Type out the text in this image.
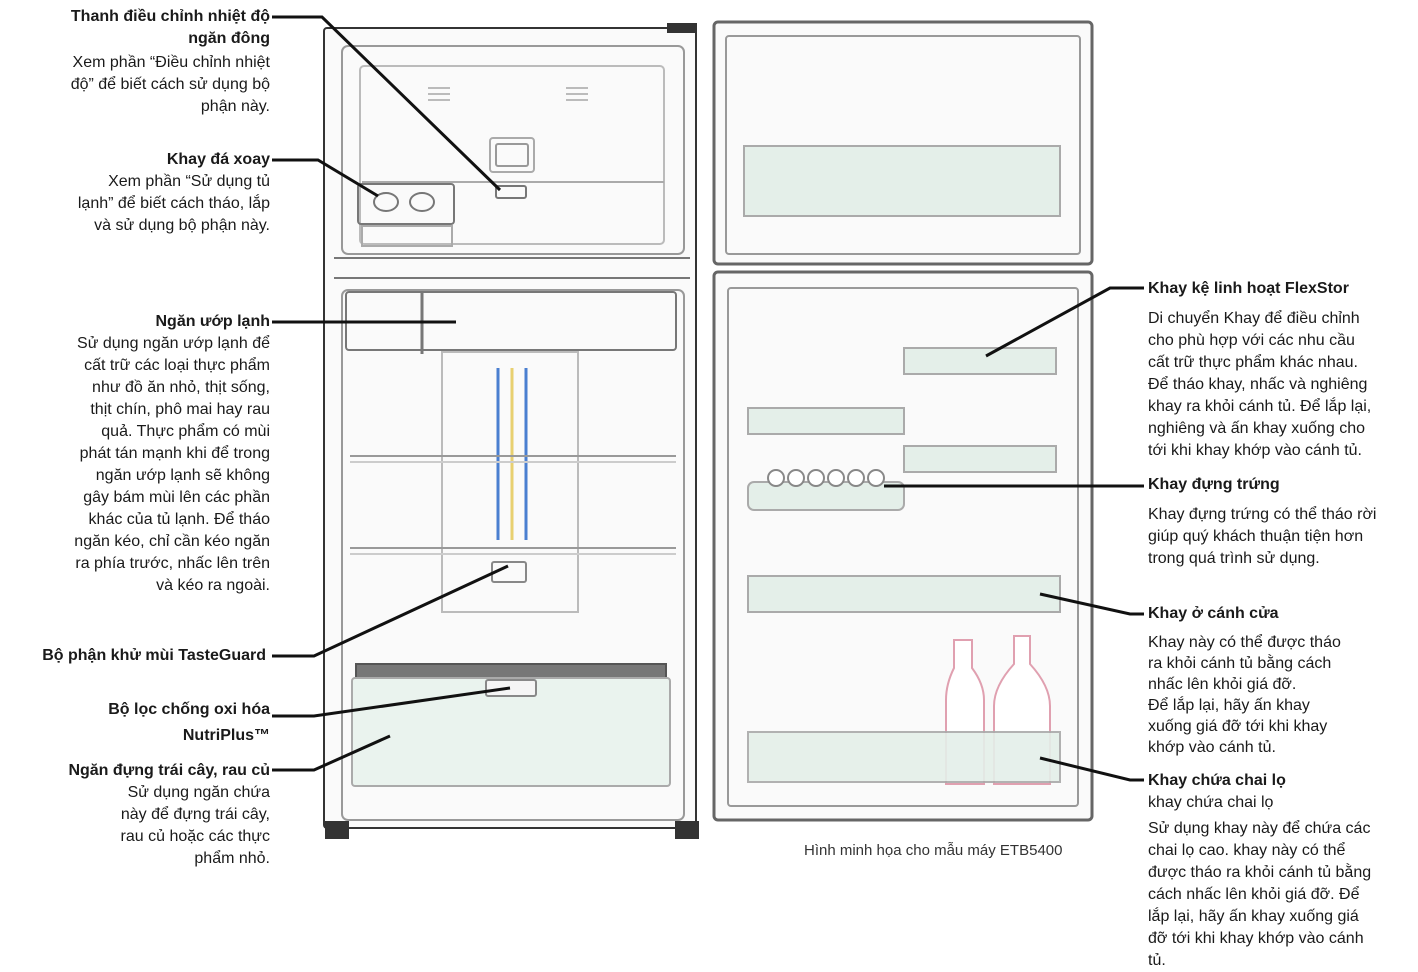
Thanh điều chỉnh nhiệt độ
ngăn đông
Xem phần “Điều chỉnh nhiệt
độ” để biết cách sử dụng bộ
phận này.
Khay đá xoay
Xem phần “Sử dụng tủ
lạnh” để biết cách tháo, lắp
và sử dụng bộ phận này.
Ngăn ướp lạnh
Sử dụng ngăn ướp lạnh để
cất trữ các loại thực phẩm
như đồ ăn nhỏ, thịt sống,
thịt chín, phô mai hay rau
quả. Thực phẩm có mùi
phát tán mạnh khi để trong
ngăn ướp lạnh sẽ không
gây bám mùi lên các phần
khác của tủ lạnh. Để tháo
ngăn kéo, chỉ cần kéo ngăn
ra phía trước, nhấc lên trên
và kéo ra ngoài.
Bộ phận khử mùi TasteGuard
Bộ lọc chống oxi hóa
NutriPlus™
Ngăn đựng trái cây, rau củ
Sử dụng ngăn chứa
này để đựng trái cây,
rau củ hoặc các thực
phẩm nhỏ.
Khay kệ linh hoạt FlexStor
Di chuyển Khay để điều chỉnh
cho phù hợp với các nhu cầu
cất trữ thực phẩm khác nhau.
Để tháo khay, nhấc và nghiêng
khay ra khỏi cánh tủ. Để lắp lại,
nghiêng và ấn khay xuống cho
tới khi khay khớp vào cánh tủ.
Khay đựng trứng
Khay đựng trứng có thể tháo rời
giúp quý khách thuận tiện hơn
trong quá trình sử dụng.
Khay ở cánh cửa
Khay này có thể được tháo
ra khỏi cánh tủ bằng cách
nhấc lên khỏi giá đỡ.
Để lắp lại, hãy ấn khay
xuống giá đỡ tới khi khay
khớp vào cánh tủ.
Khay chứa chai lọ
khay chứa chai lọ
Sử dụng khay này để chứa các
chai lọ cao. khay này có thể
được tháo ra khỏi cánh tủ bằng
cách nhấc lên khỏi giá đỡ. Để
lắp lại, hãy ấn khay xuống giá
đỡ tới khi khay khớp vào cánh
tủ.
Hình minh họa cho mẫu máy ETB5400
